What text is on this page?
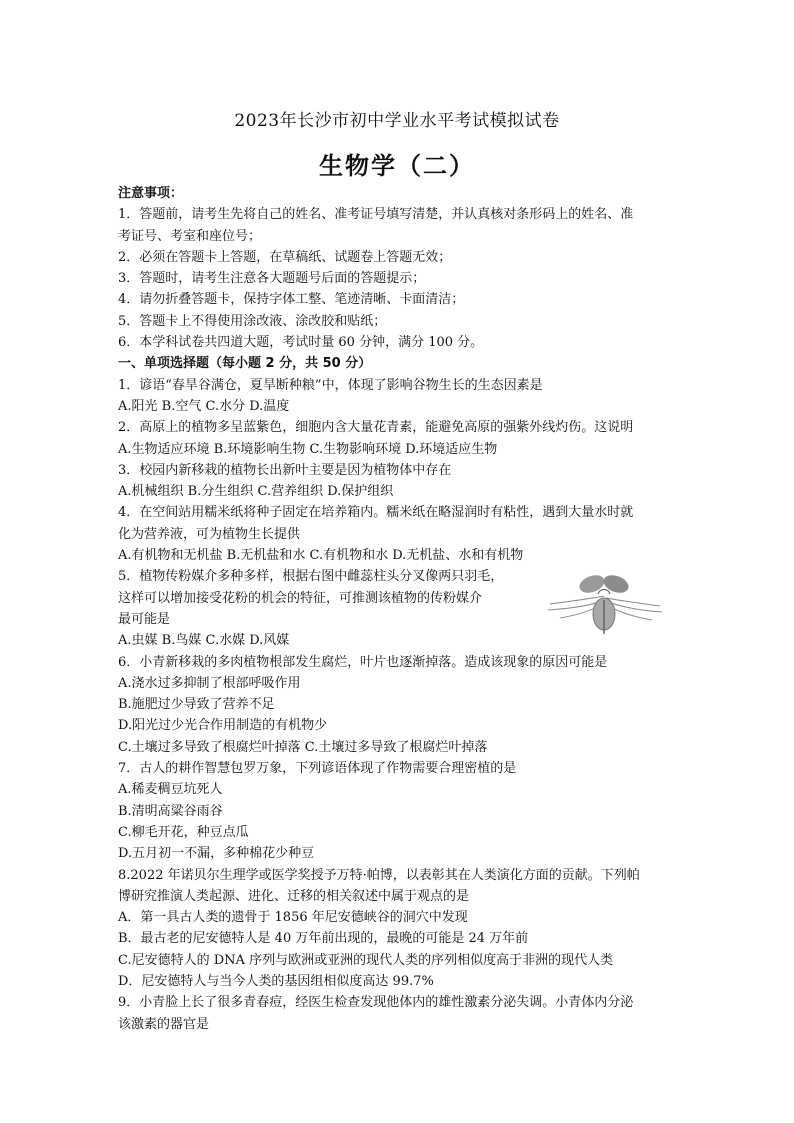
2023年长沙市初中学业水平考试模拟试卷
生物学（二）
注意事项：
1．答题前，请考生先将自己的姓名、准考证号填写清楚，并认真核对条形码上的姓名、准
考证号、考室和座位号；
2．必须在答题卡上答题，在草稿纸、试题卷上答题无效；
3．答题时，请考生注意各大题题号后面的答题提示；
4．请勿折叠答题卡，保持字体工整、笔迹清晰、卡面清洁；
5．答题卡上不得使用涂改液、涂改胶和贴纸；
6．本学科试卷共四道大题，考试时量 60 分钟，满分 100 分。
一、单项选择题（每小题 2 分，共 50 分）
1．谚语“春旱谷满仓，夏旱断种粮”中，体现了影响谷物生长的生态因素是
A.阳光 B.空气 C.水分 D.温度
2．高原上的植物多呈蓝紫色，细胞内含大量花青素，能避免高原的强紫外线灼伤。这说明
A.生物适应环境 B.环境影响生物 C.生物影响环境 D.环境适应生物
3．校园内新移栽的植物长出新叶主要是因为植物体中存在
A.机械组织 B.分生组织 C.营养组织 D.保护组织
4．在空间站用糯米纸将种子固定在培养箱内。糯米纸在略湿润时有粘性，遇到大量水时就
化为营养液，可为植物生长提供
A.有机物和无机盐 B.无机盐和水 C.有机物和水 D.无机盐、水和有机物
5．植物传粉媒介多种多样，根据右图中雌蕊柱头分叉像两只羽毛，
这样可以增加接受花粉的机会的特征，可推测该植物的传粉媒介
最可能是
A.虫媒 B.鸟媒 C.水媒 D.风媒
6．小青新移栽的多肉植物根部发生腐烂，叶片也逐渐掉落。造成该现象的原因可能是
A.浇水过多抑制了根部呼吸作用
B.施肥过少导致了营养不足
D.阳光过少光合作用制造的有机物少
C.土壤过多导致了根腐烂叶掉落 C.土壤过多导致了根腐烂叶掉落
7．古人的耕作智慧包罗万象，下列谚语体现了作物需要合理密植的是
A.稀麦稠豆坑死人
B.清明高粱谷雨谷
C.柳毛开花，种豆点瓜
D.五月初一不漏，多种棉花少种豆
8.2022 年诺贝尔生理学或医学奖授予万特·帕博，以表彰其在人类演化方面的贡献。下列帕
博研究推演人类起源、进化、迁移的相关叙述中属于观点的是
A．第一具古人类的遗骨于 1856 年尼安德峡谷的洞穴中发现
B．最古老的尼安德特人是 40 万年前出现的，最晚的可能是 24 万年前
C.尼安德特人的 DNA 序列与欧洲或亚洲的现代人类的序列相似度高于非洲的现代人类
D．尼安德特人与当今人类的基因组相似度高达 99.7%
9．小青脸上长了很多青春痘，经医生检查发现他体内的雄性激素分泌失调。小青体内分泌
该激素的器官是
